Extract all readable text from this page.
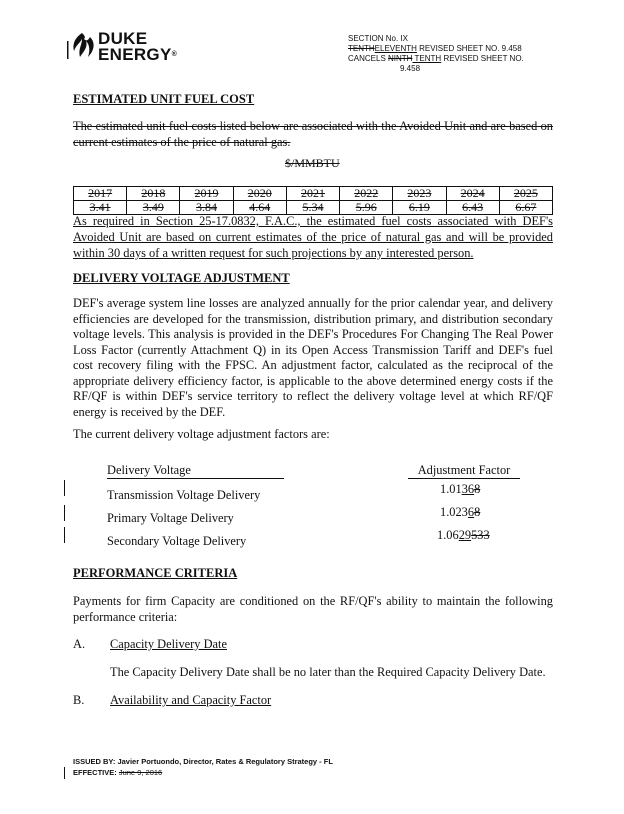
DUKE
ENERGY®
SECTION No. IX
TENTHELEVENTH REVISED SHEET NO. 9.458
CANCELS NINTH TENTH REVISED SHEET NO.
9.458
ESTIMATED UNIT FUEL COST
The estimated unit fuel costs listed below are associated with the Avoided Unit and are based on current estimates of the price of natural gas.
$/MMBTU
2017	2018	2019	2020	2021	2022	2023	2024	2025
3.41	3.49	3.84	4.64	5.34	5.96	6.19	6.43	6.67
As required in Section 25-17.0832, F.A.C., the estimated fuel costs associated with DEF's Avoided Unit are based on current estimates of the price of natural gas and will be provided within 30 days of a written request for such projections by any interested person.
DELIVERY VOLTAGE ADJUSTMENT
DEF's average system line losses are analyzed annually for the prior calendar year, and delivery efficiencies are developed for the transmission, distribution primary, and distribution secondary voltage levels. This analysis is provided in the DEF's Procedures For Changing The Real Power Loss Factor (currently Attachment Q) in its Open Access Transmission Tariff and DEF's fuel cost recovery filing with the FPSC. An adjustment factor, calculated as the reciprocal of the appropriate delivery efficiency factor, is applicable to the above determined energy costs if the RF/QF is within DEF's service territory to reflect the delivery voltage level at which RF/QF energy is received by the DEF.
The current delivery voltage adjustment factors are:
Delivery Voltage	Adjustment Factor
Transmission Voltage Delivery	1.01368
Primary Voltage Delivery	1.02368
Secondary Voltage Delivery	1.0629533
PERFORMANCE CRITERIA
Payments for firm Capacity are conditioned on the RF/QF's ability to maintain the following performance criteria:
A. Capacity Delivery Date
The Capacity Delivery Date shall be no later than the Required Capacity Delivery Date.
B. Availability and Capacity Factor
ISSUED BY: Javier Portuondo, Director, Rates & Regulatory Strategy - FL
EFFECTIVE: June 9, 2016
